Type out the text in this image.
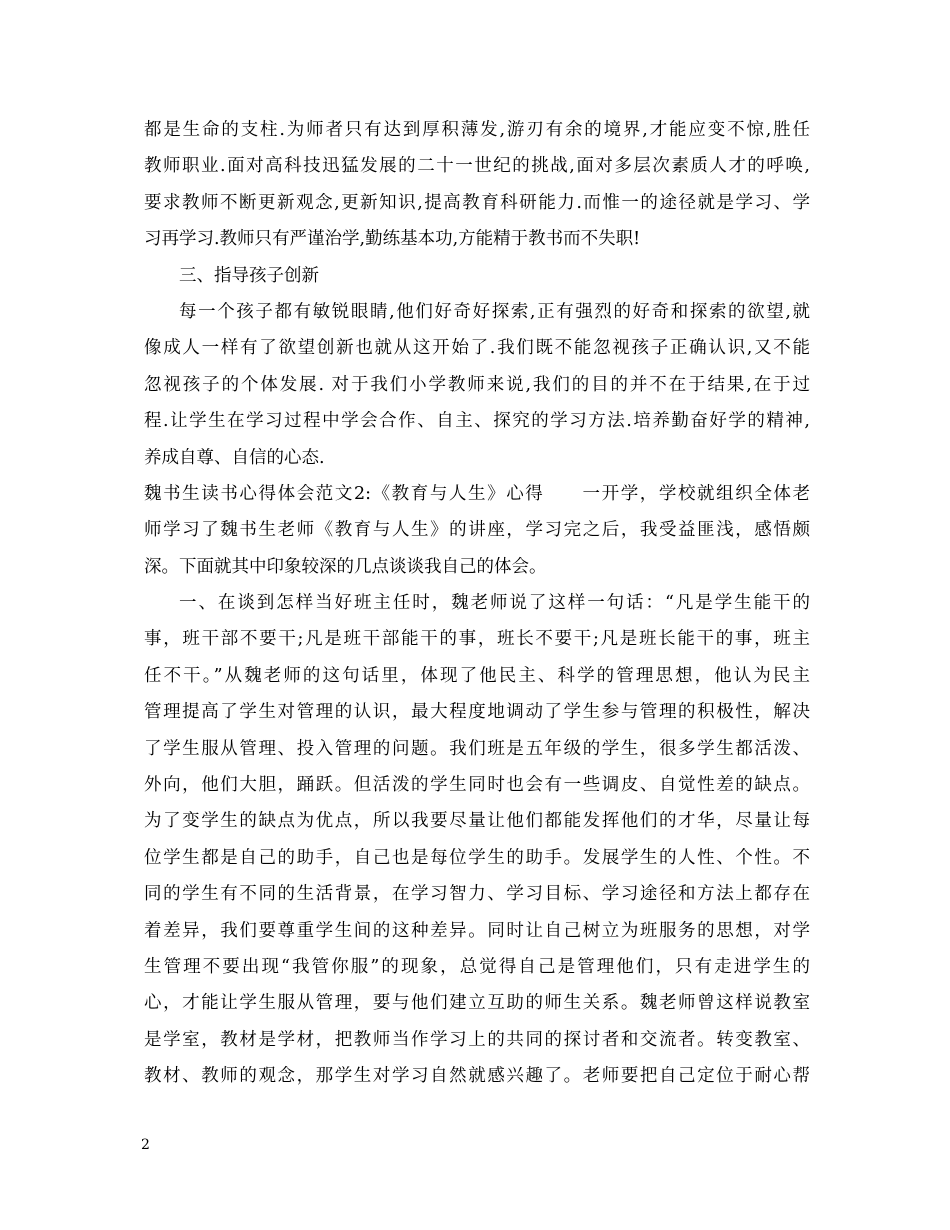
都是生命的支柱.为师者只有达到厚积薄发,游刃有余的境界,才能应变不惊,胜任
教师职业.面对高科技迅猛发展的二十一世纪的挑战,面对多层次素质人才的呼唤,
要求教师不断更新观念,更新知识,提高教育科研能力.而惟一的途径就是学习、学
习再学习.教师只有严谨治学,勤练基本功,方能精于教书而不失职!
三、指导孩子创新
每一个孩子都有敏锐眼睛,他们好奇好探索,正有强烈的好奇和探索的欲望,就
像成人一样有了欲望创新也就从这开始了.我们既不能忽视孩子正确认识,又不能
忽视孩子的个体发展. 对于我们小学教师来说,我们的目的并不在于结果,在于过
程.让学生在学习过程中学会合作、自主、探究的学习方法.培养勤奋好学的精神,
养成自尊、自信的心态.
魏书生读书心得体会范文2:《教育与人生》心得　　一开学，学校就组织全体老
师学习了魏书生老师《教育与人生》的讲座，学习完之后，我受益匪浅，感悟颇
深。下面就其中印象较深的几点谈谈我自己的体会。
一、在谈到怎样当好班主任时，魏老师说了这样一句话：“凡是学生能干的
事，班干部不要干;凡是班干部能干的事，班长不要干;凡是班长能干的事，班主
任不干。”从魏老师的这句话里，体现了他民主、科学的管理思想，他认为民主
管理提高了学生对管理的认识，最大程度地调动了学生参与管理的积极性，解决
了学生服从管理、投入管理的问题。我们班是五年级的学生，很多学生都活泼、
外向，他们大胆，踊跃。但活泼的学生同时也会有一些调皮、自觉性差的缺点。
为了变学生的缺点为优点，所以我要尽量让他们都能发挥他们的才华，尽量让每
位学生都是自己的助手，自己也是每位学生的助手。发展学生的人性、个性。不
同的学生有不同的生活背景，在学习智力、学习目标、学习途径和方法上都存在
着差异，我们要尊重学生间的这种差异。同时让自己树立为班服务的思想，对学
生管理不要出现“我管你服”的现象，总觉得自己是管理他们，只有走进学生的
心，才能让学生服从管理，要与他们建立互助的师生关系。魏老师曾这样说教室
是学室，教材是学材，把教师当作学习上的共同的探讨者和交流者。转变教室、
教材、教师的观念，那学生对学习自然就感兴趣了。老师要把自己定位于耐心帮
2
